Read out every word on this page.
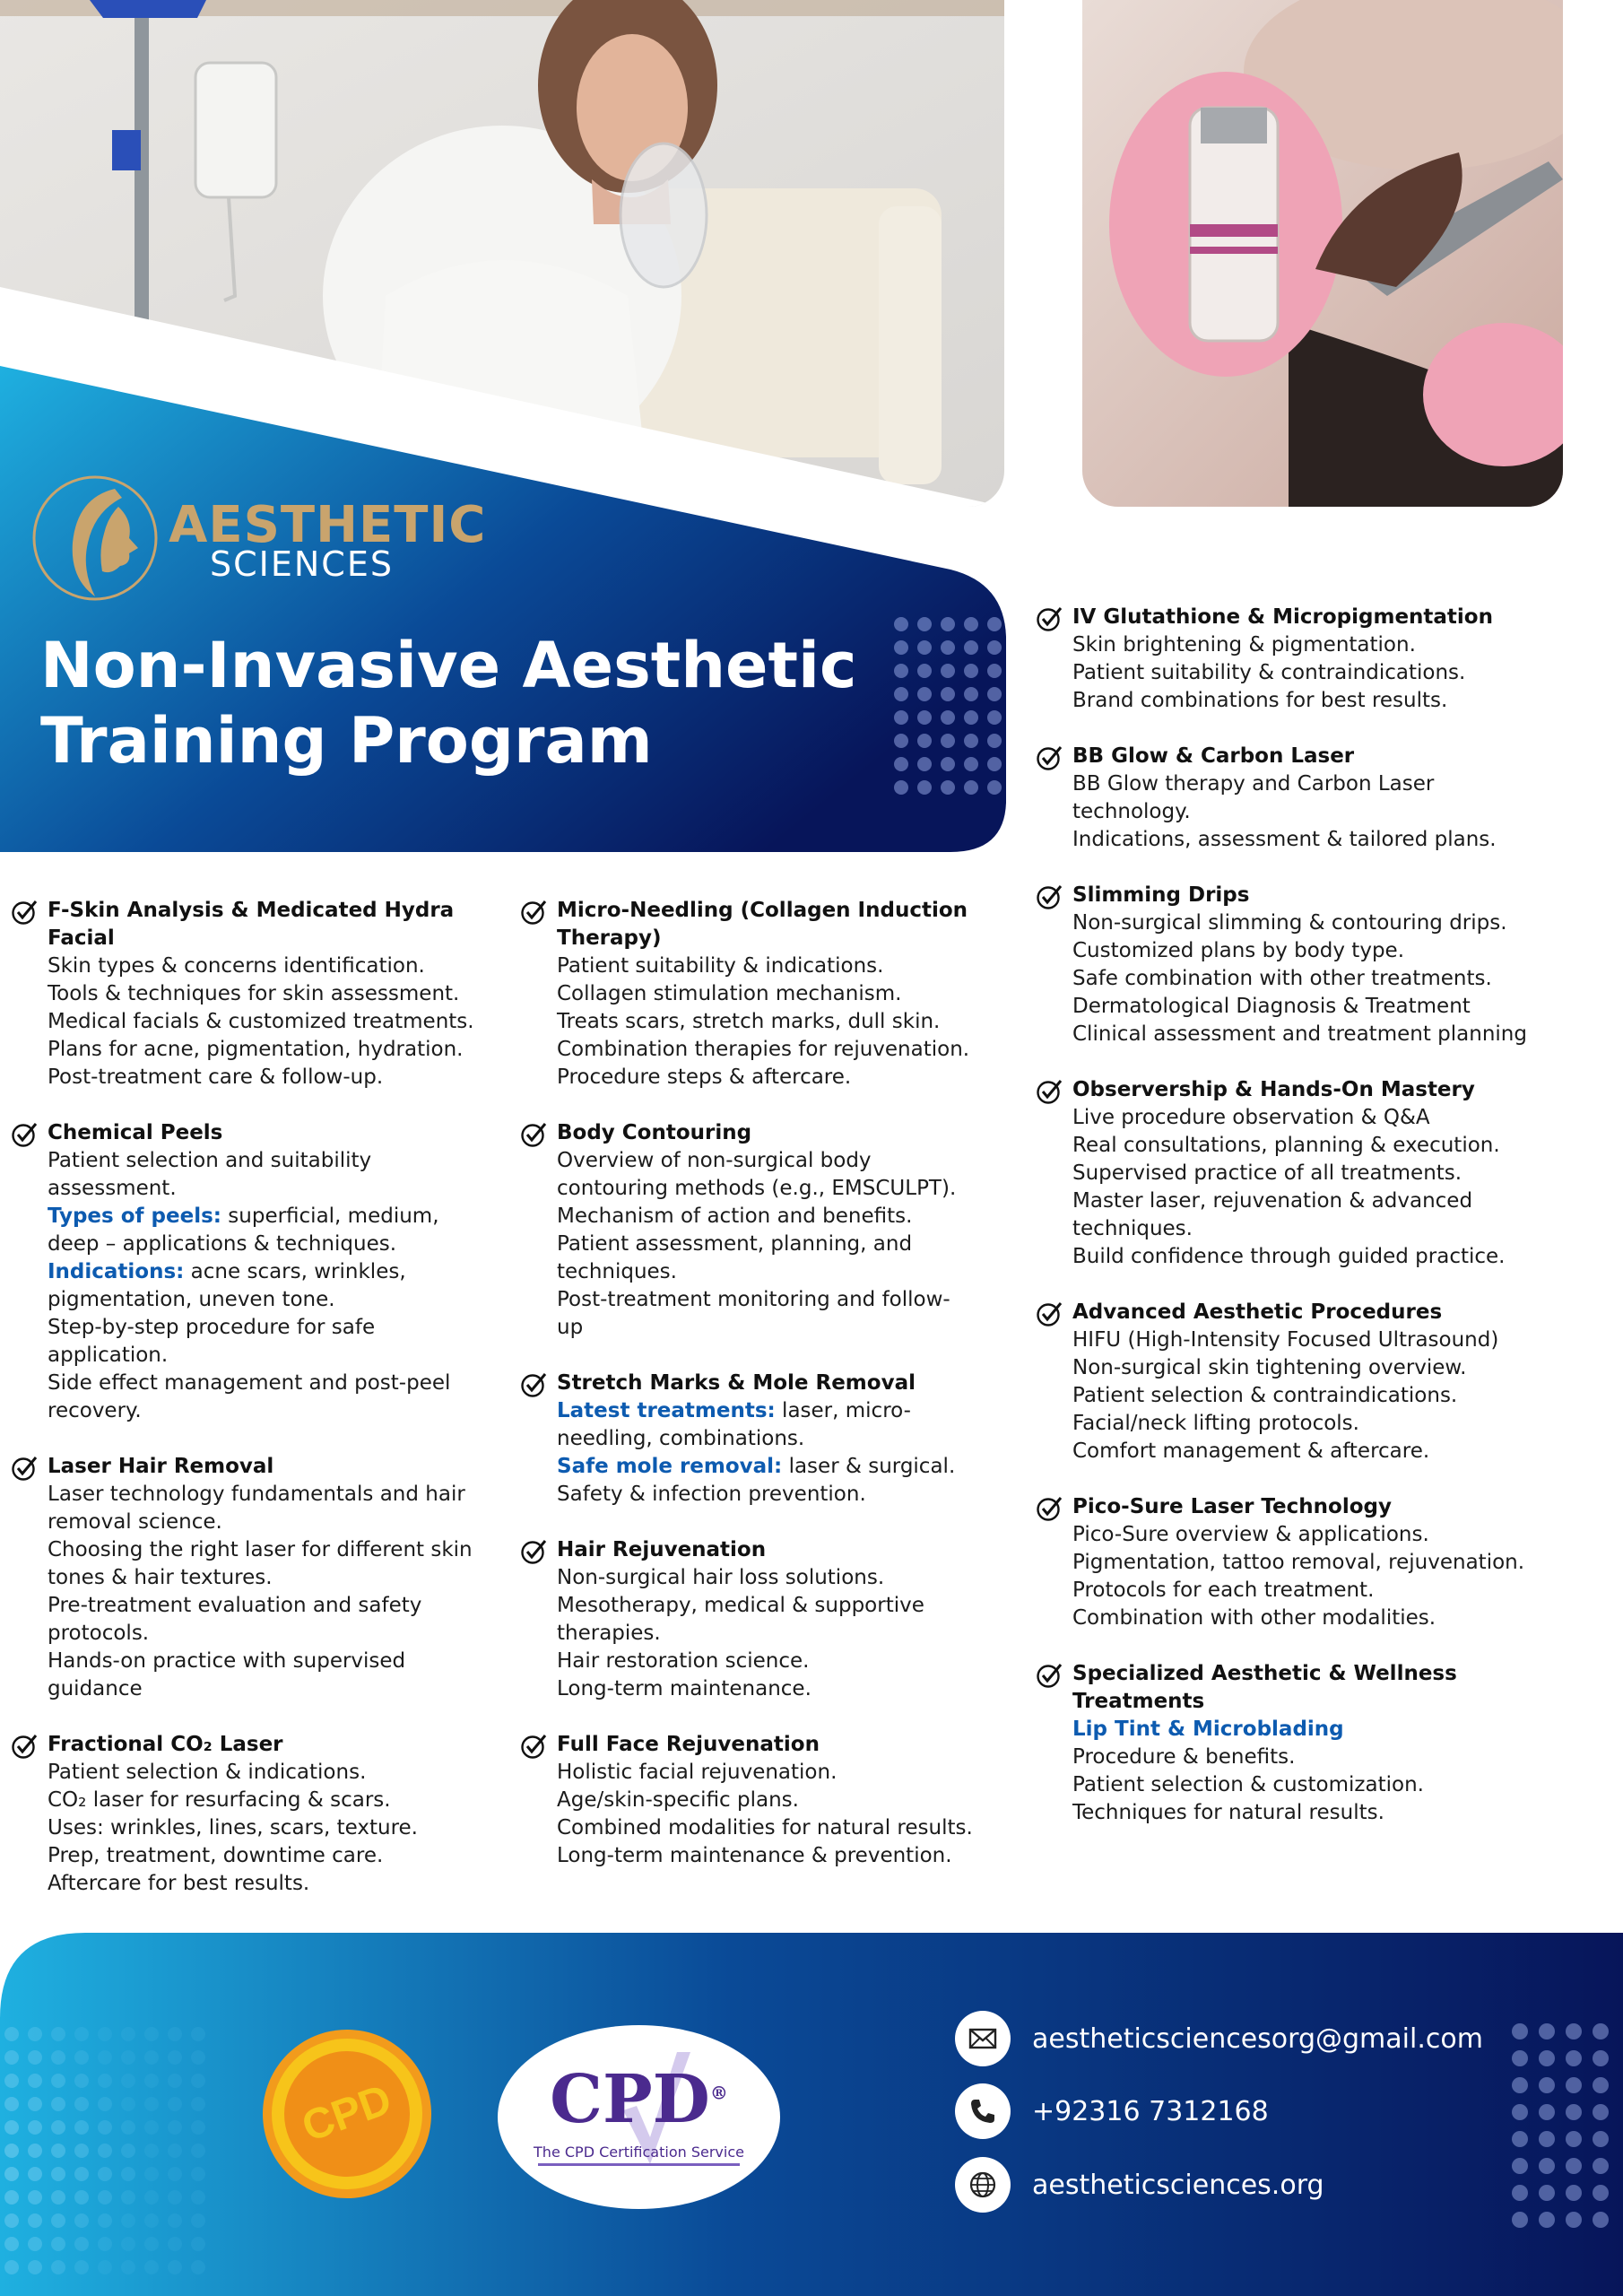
AESTHETIC
SCIENCES
Non-Invasive Aesthetic
Training Program
F-Skin Analysis & Medicated Hydra
Facial
Skin types & concerns identification.
Tools & techniques for skin assessment.
Medical facials & customized treatments.
Plans for acne, pigmentation, hydration.
Post-treatment care & follow-up.
Chemical Peels
Patient selection and suitability
assessment.
Types of peels: superficial, medium,
deep – applications & techniques.
Indications: acne scars, wrinkles,
pigmentation, uneven tone.
Step-by-step procedure for safe
application.
Side effect management and post-peel
recovery.
Laser Hair Removal
Laser technology fundamentals and hair
removal science.
Choosing the right laser for different skin
tones & hair textures.
Pre-treatment evaluation and safety
protocols.
Hands-on practice with supervised
guidance
Fractional CO₂ Laser
Patient selection & indications.
CO₂ laser for resurfacing & scars.
Uses: wrinkles, lines, scars, texture.
Prep, treatment, downtime care.
Aftercare for best results.
Micro-Needling (Collagen Induction
Therapy)
Patient suitability & indications.
Collagen stimulation mechanism.
Treats scars, stretch marks, dull skin.
Combination therapies for rejuvenation.
Procedure steps & aftercare.
Body Contouring
Overview of non-surgical body
contouring methods (e.g., EMSCULPT).
Mechanism of action and benefits.
Patient assessment, planning, and
techniques.
Post-treatment monitoring and follow-
up
Stretch Marks & Mole Removal
Latest treatments: laser, micro-
needling, combinations.
Safe mole removal: laser & surgical.
Safety & infection prevention.
Hair Rejuvenation
Non-surgical hair loss solutions.
Mesotherapy, medical & supportive
therapies.
Hair restoration science.
Long-term maintenance.
Full Face Rejuvenation
Holistic facial rejuvenation.
Age/skin-specific plans.
Combined modalities for natural results.
Long-term maintenance & prevention.
IV Glutathione & Micropigmentation
Skin brightening & pigmentation.
Patient suitability & contraindications.
Brand combinations for best results.
BB Glow & Carbon Laser
BB Glow therapy and Carbon Laser
technology.
Indications, assessment & tailored plans.
Slimming Drips
Non-surgical slimming & contouring drips.
Customized plans by body type.
Safe combination with other treatments.
Dermatological Diagnosis & Treatment
Clinical assessment and treatment planning
Observership & Hands-On Mastery
Live procedure observation & Q&A
Real consultations, planning & execution.
Supervised practice of all treatments.
Master laser, rejuvenation & advanced
techniques.
Build confidence through guided practice.
Advanced Aesthetic Procedures
HIFU (High-Intensity Focused Ultrasound)
Non-surgical skin tightening overview.
Patient selection & contraindications.
Facial/neck lifting protocols.
Comfort management & aftercare.
Pico-Sure Laser Technology
Pico-Sure overview & applications.
Pigmentation, tattoo removal, rejuvenation.
Protocols for each treatment.
Combination with other modalities.
Specialized Aesthetic & Wellness
Treatments
Lip Tint & Microblading
Procedure & benefits.
Patient selection & customization.
Techniques for natural results.
CPD	CPD®
The CPD Certification Service
aestheticsciencesorg@gmail.com
+92316 7312168
aestheticsciences.org
